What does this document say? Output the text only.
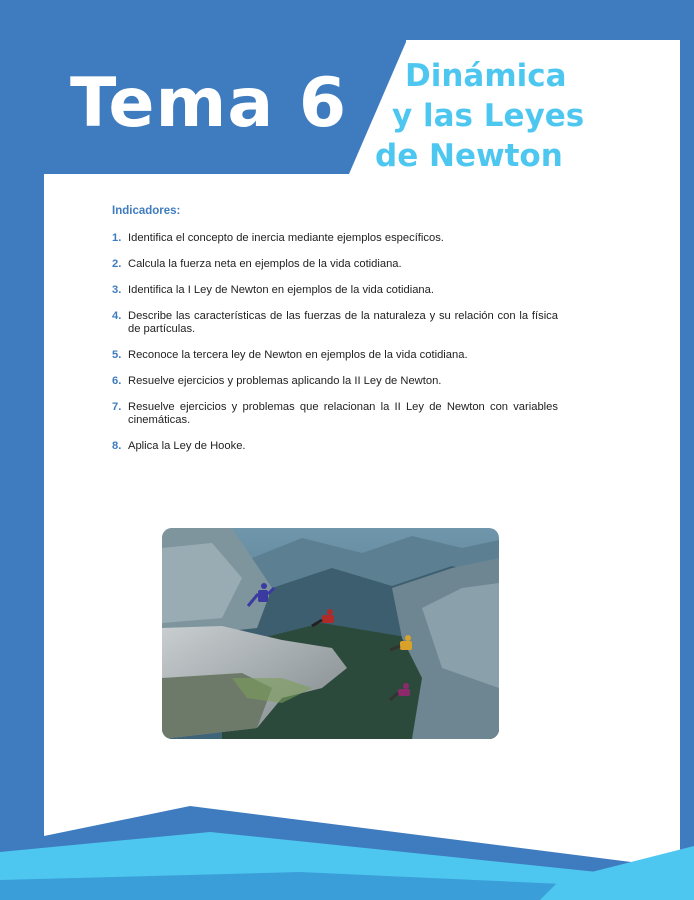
Tema 6 Dinámica
y las Leyes
de Newton
Indicadores:
1. Identifica el concepto de inercia mediante ejemplos específicos.
2. Calcula la fuerza neta en ejemplos de la vida cotidiana.
3. Identifica la I Ley de Newton en ejemplos de la vida cotidiana.
4. Describe las características de las fuerzas de la naturaleza y su relación con la física de partículas.
5. Reconoce la tercera ley de Newton en ejemplos de la vida cotidiana.
6. Resuelve ejercicios y problemas aplicando la II Ley de Newton.
7. Resuelve ejercicios y problemas que relacionan la II Ley de Newton con variables cinemáticas.
8. Aplica la Ley de Hooke.
